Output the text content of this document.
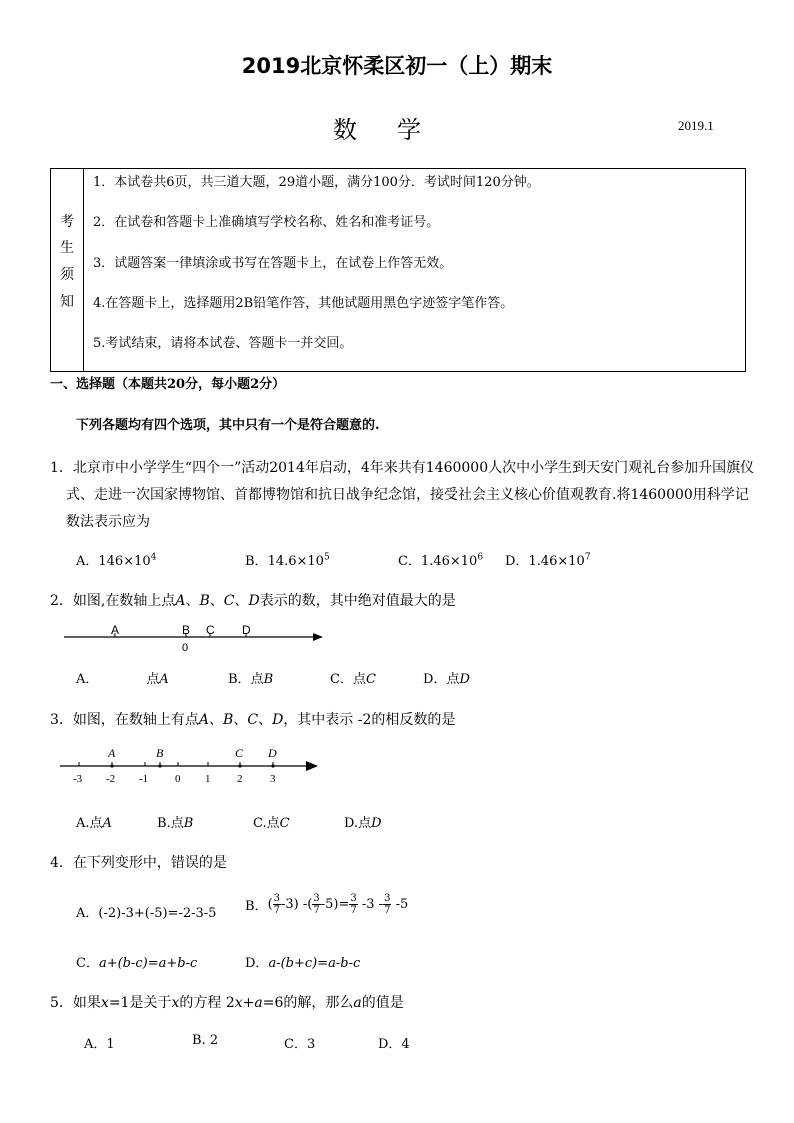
2019北京怀柔区初一（上）期末
数学	2019.1
考
生
须
知
1．本试卷共6页，共三道大题，29道小题，满分100分．考试时间120分钟。
2．在试卷和答题卡上准确填写学校名称、姓名和准考证号。
3．试题答案一律填涂或书写在答题卡上，在试卷上作答无效。
4.在答题卡上，选择题用2B铅笔作答，其他试题用黑色字迹签字笔作答。
5.考试结束，请将本试卷、答题卡一并交回。
一、选择题（本题共20分，每小题2分）
下列各题均有四个选项，其中只有一个是符合题意的.
1．北京市中小学学生“四个一”活动2014年启动，4年来共有1460000人次中小学生到天安门观礼台参加升国旗仪
式、走进一次国家博物馆、首都博物馆和抗日战争纪念馆，接受社会主义核心价值观教育.将1460000用科学记
数法表示应为
A．$146\times 10^4$	B．$14.6\times 10^5$	C．$1.46\times 10^6$ D．$1.46\times 10^7$
2．如图,在数轴上点A、B、C、D表示的数，其中绝对值最大的是
A	B C D
0
A．	点A	B．点B	C．点C	D．点D
3．如图，在数轴上有点A、B、C、D，其中表示 -2的相反数的是
A	B	C D
-3 -2 -1 0 1 2	3
A.点A	B.点B	C.点C	D.点D
4．在下列变形中，错误的是
A．(-2)-3+(-5)=-2-3-5 B．( $\frac{3}{7} -3$) -( $\frac{3}{7} -5)= \frac{3}{7} -3 - \frac{3}{7} -5$
C．a+(b-c)=a+b-c	D．a-(b+c)=a-b-c
5．如果x=1是关于x的方程 2x+a=6的解，那么a的值是
A．1	B. 2	C．3	D．4
